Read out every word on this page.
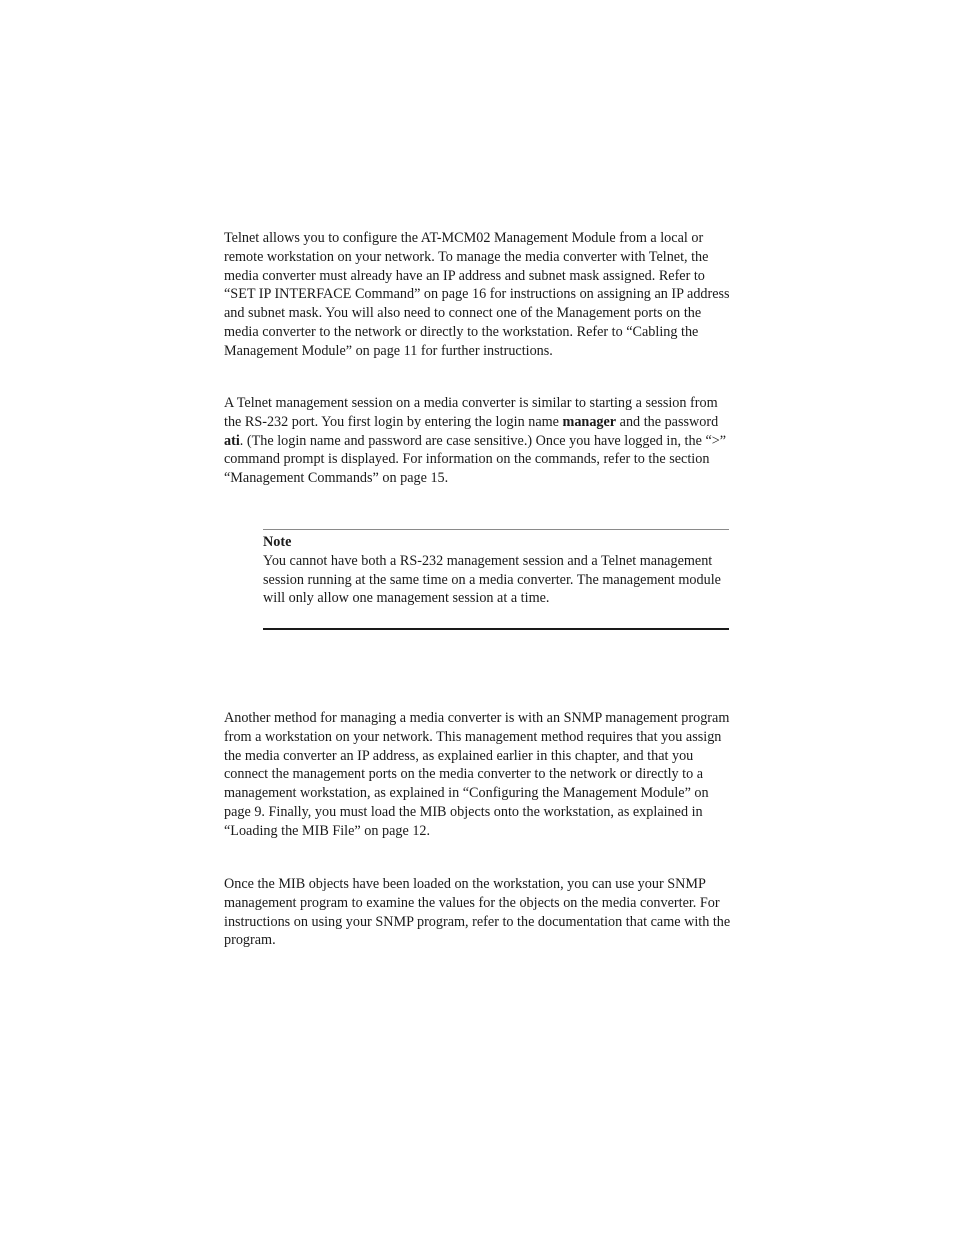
Telnet allows you to configure the AT-MCM02 Management Module from a local or remote workstation on your network. To manage the media converter with Telnet, the media converter must already have an IP address and subnet mask assigned. Refer to “SET IP INTERFACE Command” on page 16 for instructions on assigning an IP address and subnet mask. You will also need to connect one of the Management ports on the media converter to the network or directly to the workstation. Refer to “Cabling the Management Module” on page 11 for further instructions.

A Telnet management session on a media converter is similar to starting a session from the RS-232 port. You first login by entering the login name manager and the password ati. (The login name and password are case sensitive.) Once you have logged in, the “>” command prompt is displayed. For information on the commands, refer to the section “Management Commands” on page 15.

Note

You cannot have both a RS-232 management session and a Telnet management session running at the same time on a media converter. The management module will only allow one management session at a time.

Another method for managing a media converter is with an SNMP management program from a workstation on your network. This management method requires that you assign the media converter an IP address, as explained earlier in this chapter, and that you connect the management ports on the media converter to the network or directly to a management workstation, as explained in “Configuring the Management Module” on page 9. Finally, you must load the MIB objects onto the workstation, as explained in “Loading the MIB File” on page 12.

Once the MIB objects have been loaded on the workstation, you can use your SNMP management program to examine the values for the objects on the media converter. For instructions on using your SNMP program, refer to the documentation that came with the program.
